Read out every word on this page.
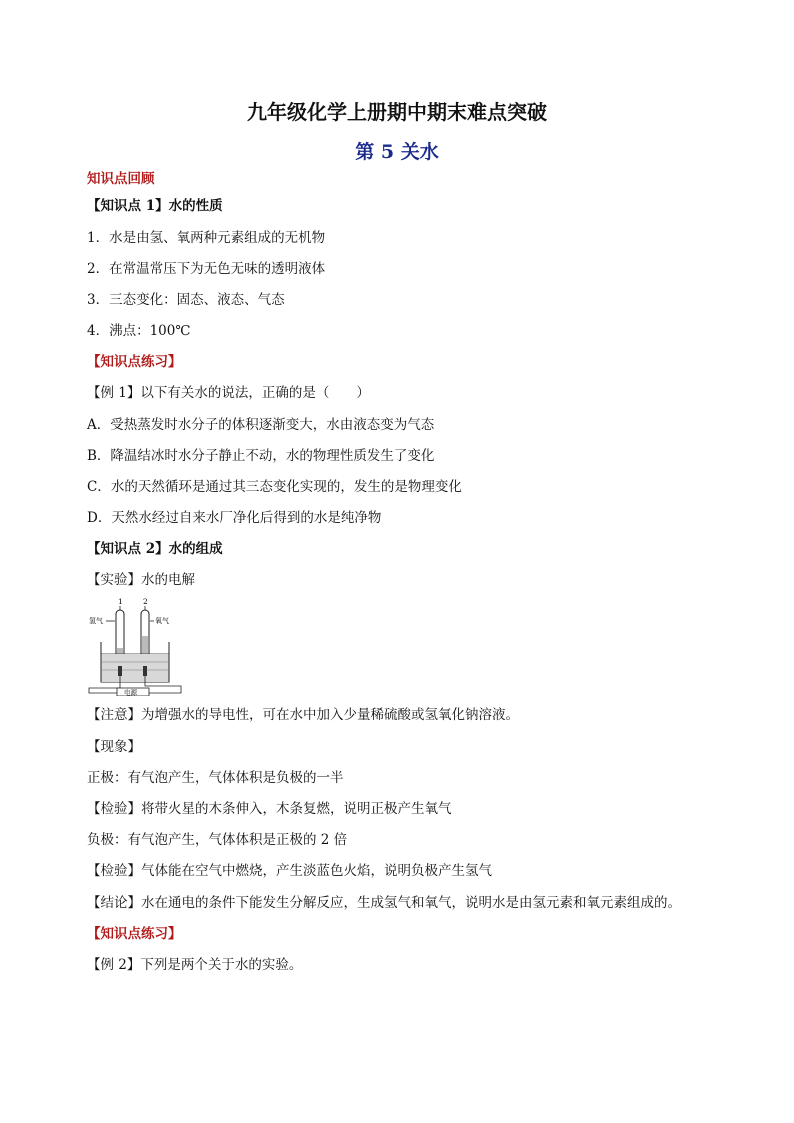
九年级化学上册期中期末难点突破
第 5 关水
知识点回顾
【知识点 1】水的性质
1．水是由氢、氧两种元素组成的无机物
2．在常温常压下为无色无味的透明液体
3．三态变化：固态、液态、气态
4．沸点：100℃
【知识点练习】
【例 1】以下有关水的说法，正确的是（　　）
A．受热蒸发时水分子的体积逐渐变大，水由液态变为气态
B．降温结冰时水分子静止不动，水的物理性质发生了变化
C．水的天然循环是通过其三态变化实现的，发生的是物理变化
D．天然水经过自来水厂净化后得到的水是纯净物
【知识点 2】水的组成
【实验】水的电解
1	2
氢气	氧气
电源
【注意】为增强水的导电性，可在水中加入少量稀硫酸或氢氧化钠溶液。
【现象】
正极：有气泡产生，气体体积是负极的一半
【检验】将带火星的木条伸入，木条复燃，说明正极产生氧气
负极：有气泡产生，气体体积是正极的 2 倍
【检验】气体能在空气中燃烧，产生淡蓝色火焰，说明负极产生氢气
【结论】水在通电的条件下能发生分解反应，生成氢气和氧气，说明水是由氢元素和氧元素组成的。
【知识点练习】
【例 2】下列是两个关于水的实验。
